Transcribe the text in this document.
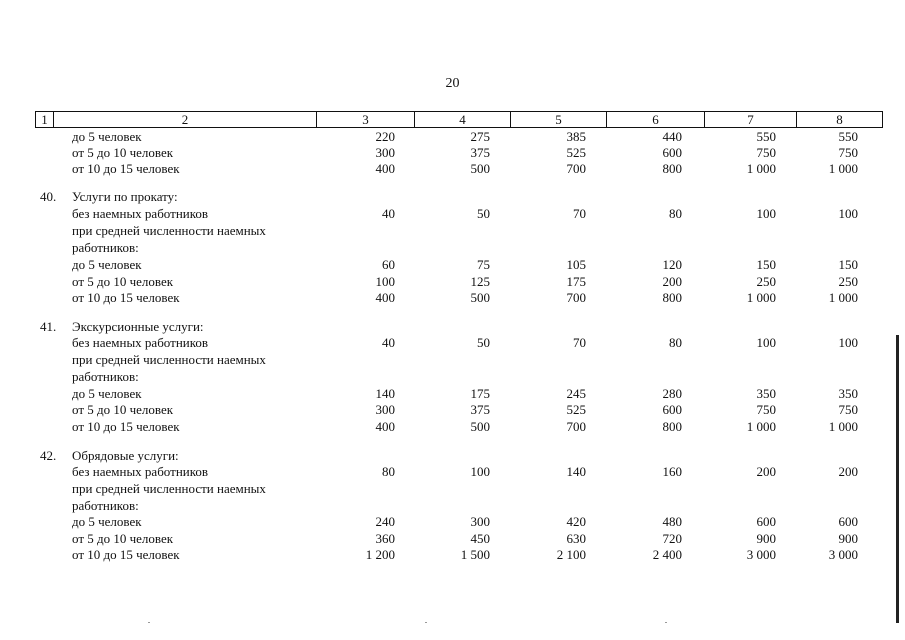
20
1	2	3	4	5	6	7	8
до 5 человек	220	275	385	440	550	550
от 5 до 10 человек	300	375	525	600	750	750
от 10 до 15 человек	400	500	700	800	1 000	1 000
40.	Услуги по прокату:
без наемных работников	40	50	70	80	100	100
при средней численности наемных
работников:
до 5 человек	60	75	105	120	150	150
от 5 до 10 человек	100	125	175	200	250	250
от 10 до 15 человек	400	500	700	800	1 000	1 000
41.	Экскурсионные услуги:
без наемных работников	40	50	70	80	100	100
при средней численности наемных
работников:
до 5 человек	140	175	245	280	350	350
от 5 до 10 человек	300	375	525	600	750	750
от 10 до 15 человек	400	500	700	800	1 000	1 000
42.	Обрядовые услуги:
без наемных работников	80	100	140	160	200	200
при средней численности наемных
работников:
до 5 человек	240	300	420	480	600	600
от 5 до 10 человек	360	450	630	720	900	900
от 10 до 15 человек	1 200	1 500	2 100	2 400	3 000	3 000
